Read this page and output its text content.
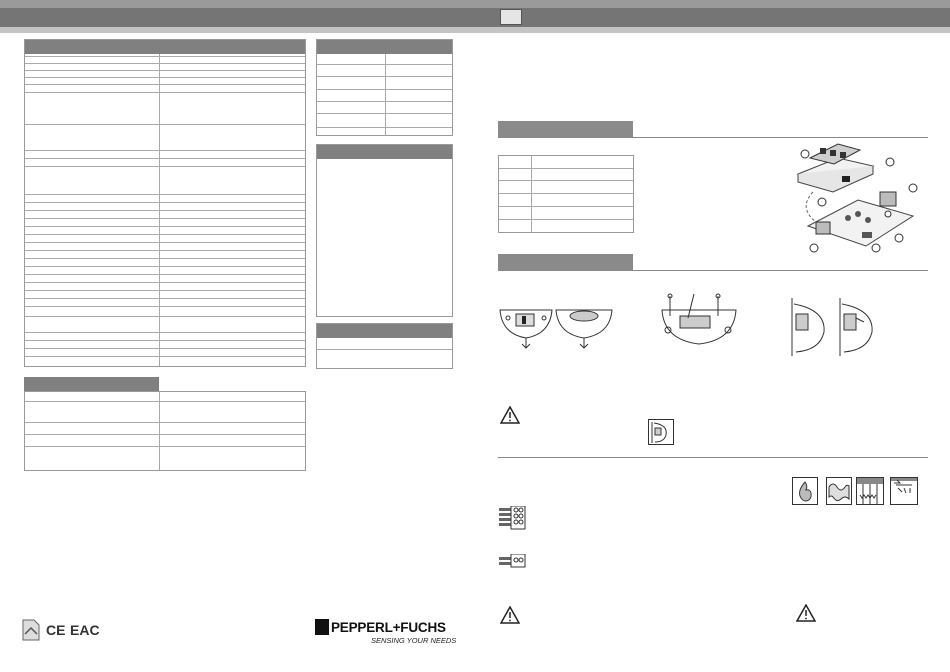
CE EAC	PEPPERL+FUCHS
SENSING YOUR NEEDS
